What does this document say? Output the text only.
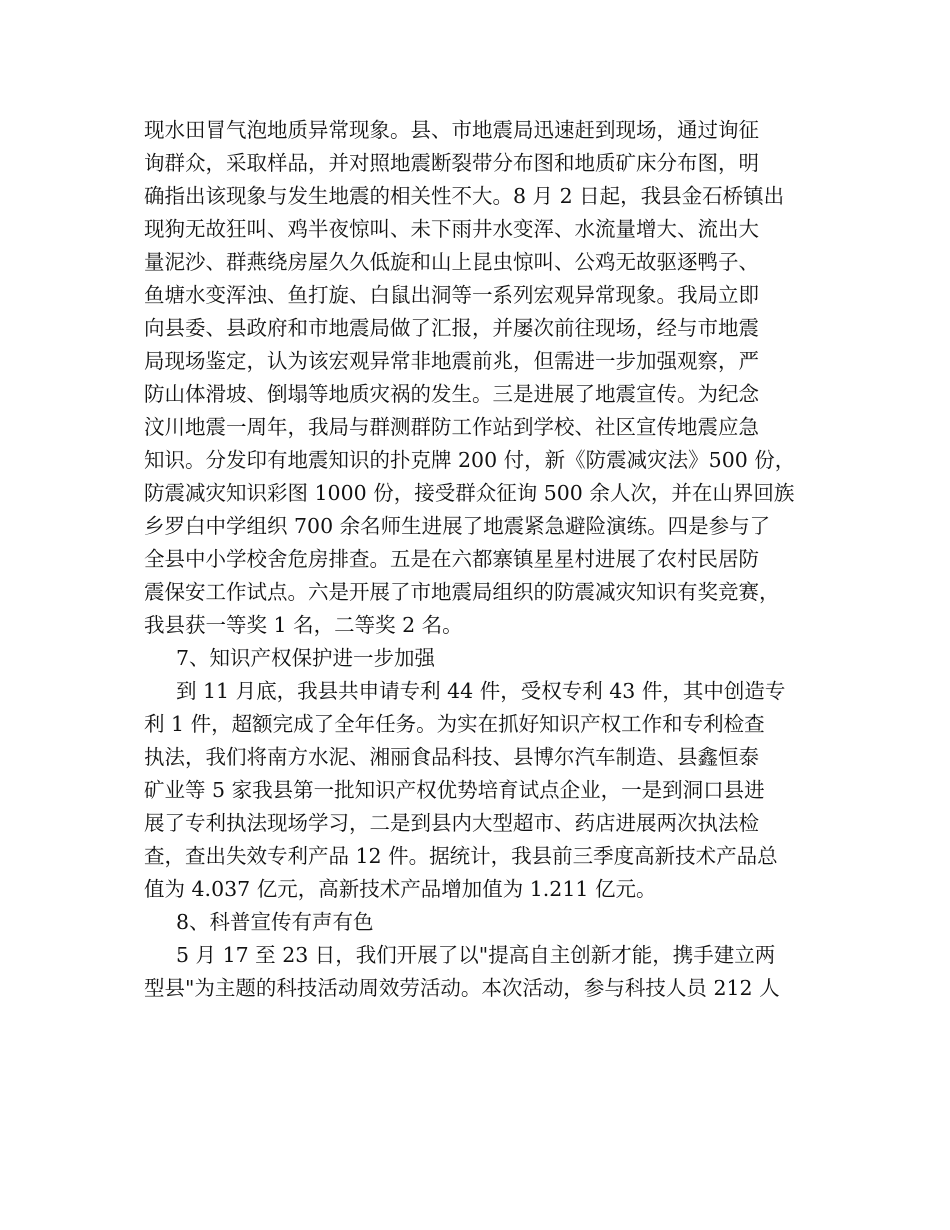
现水田冒气泡地质异常现象。县、市地震局迅速赶到现场，通过询征
询群众，采取样品，并对照地震断裂带分布图和地质矿床分布图，明
确指出该现象与发生地震的相关性不大。8 月 2 日起，我县金石桥镇出
现狗无故狂叫、鸡半夜惊叫、未下雨井水变浑、水流量增大、流出大
量泥沙、群燕绕房屋久久低旋和山上昆虫惊叫、公鸡无故驱逐鸭子、
鱼塘水变浑浊、鱼打旋、白鼠出洞等一系列宏观异常现象。我局立即
向县委、县政府和市地震局做了汇报，并屡次前往现场，经与市地震
局现场鉴定，认为该宏观异常非地震前兆，但需进一步加强观察，严
防山体滑坡、倒塌等地质灾祸的发生。三是进展了地震宣传。为纪念
汶川地震一周年，我局与群测群防工作站到学校、社区宣传地震应急
知识。分发印有地震知识的扑克牌 200 付，新《防震减灾法》500 份，
防震减灾知识彩图 1000 份，接受群众征询 500 余人次，并在山界回族
乡罗白中学组织 700 余名师生进展了地震紧急避险演练。四是参与了
全县中小学校舍危房排查。五是在六都寨镇星星村进展了农村民居防
震保安工作试点。六是开展了市地震局组织的防震减灾知识有奖竞赛，
我县获一等奖 1 名，二等奖 2 名。
7、知识产权保护进一步加强
到 11 月底，我县共申请专利 44 件，受权专利 43 件，其中创造专
利 1 件，超额完成了全年任务。为实在抓好知识产权工作和专利检查
执法，我们将南方水泥、湘丽食品科技、县博尔汽车制造、县鑫恒泰
矿业等 5 家我县第一批知识产权优势培育试点企业，一是到洞口县进
展了专利执法现场学习，二是到县内大型超市、药店进展两次执法检
查，查出失效专利产品 12 件。据统计，我县前三季度高新技术产品总
值为 4.037 亿元，高新技术产品增加值为 1.211 亿元。
8、科普宣传有声有色
5 月 17 至 23 日，我们开展了以"提高自主创新才能，携手建立两
型县"为主题的科技活动周效劳活动。本次活动，参与科技人员 212 人
